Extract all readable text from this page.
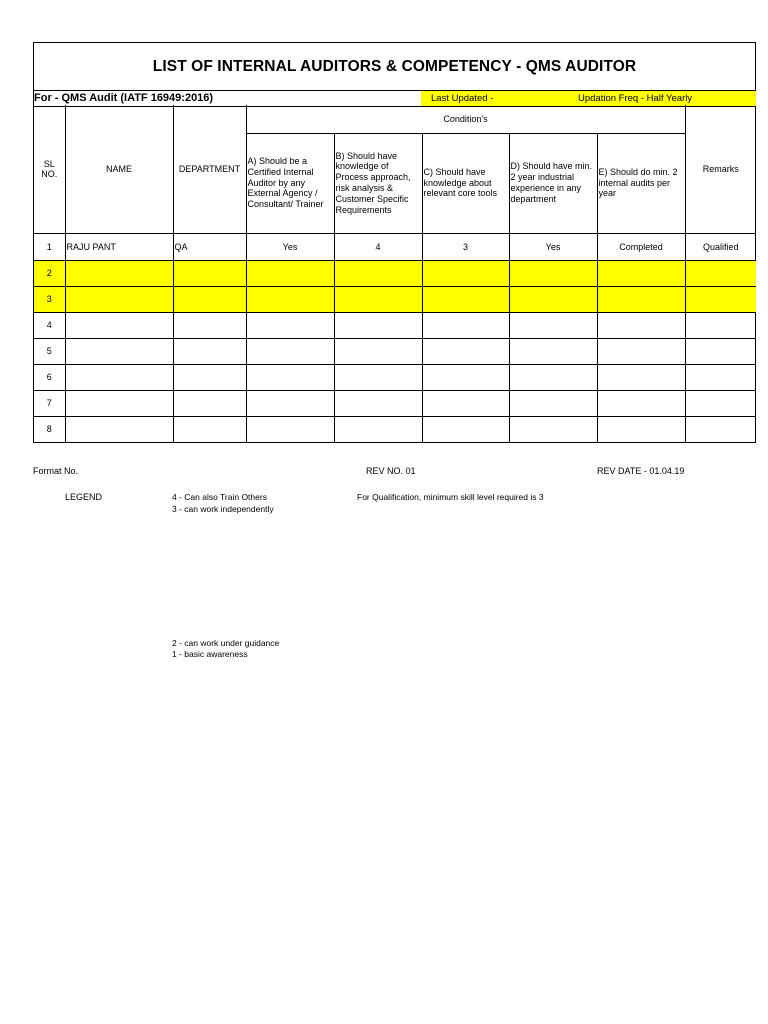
LIST OF INTERNAL AUDITORS & COMPETENCY - QMS AUDITOR
For - QMS Audit (IATF 16949:2016)	Last Updated -	Updation Freq - Half Yearly
SL NO.	NAME	DEPARTMENT	Condition's					Remarks
			A) Should be a Certified Internal Auditor by any External Agency / Consultant/ Trainer	B) Should have knowledge of Process approach, risk analysis & Customer Specific Requirements	C) Should have knowledge about relevant core tools	D) Should have min. 2 year industrial experience in any department	E) Should do min. 2 internal audits per year	
1	RAJU PANT	QA	Yes	4	3	Yes	Completed	Qualified
2								
3								
4								
5								
6								
7								
8								
Format No.	REV NO. 01	REV DATE - 01.04.19
LEGEND	4 - Can also Train Others
3 - can work independently
For Qualification, minimum skill level required is 3
2 - can work under guidance
1 - basic awareness
